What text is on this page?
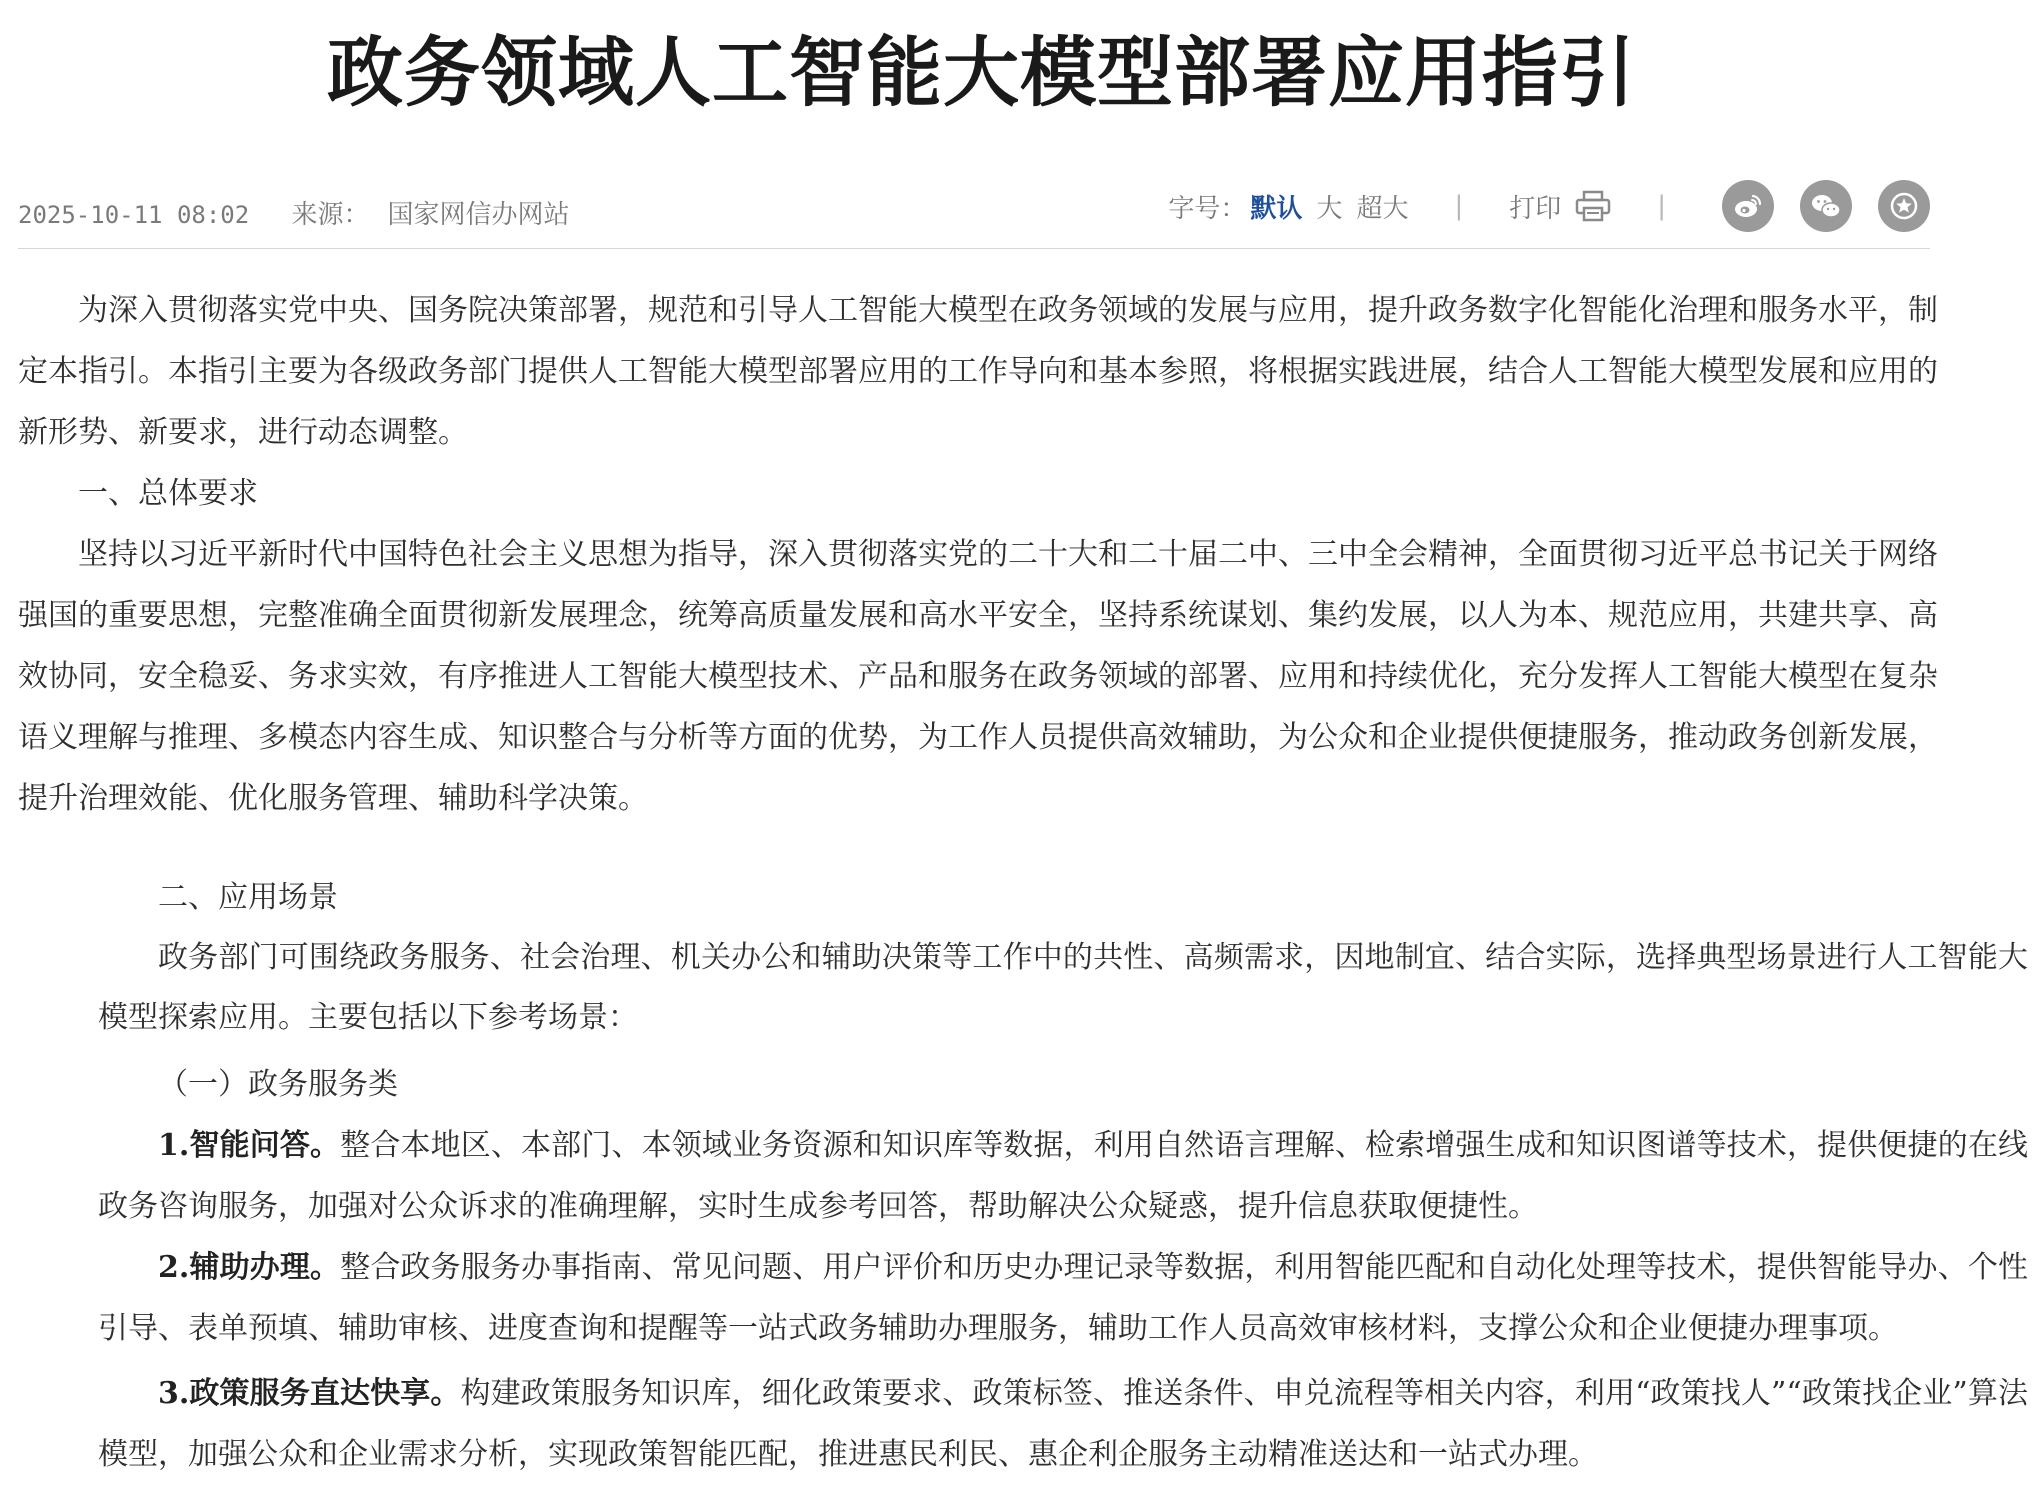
政务领域人工智能大模型部署应用指引
2025-10-11 08:02 来源： 国家网信办网站	字号： 默认 大 超大 | 打印	|

为深入贯彻落实党中央、国务院决策部署，规范和引导人工智能大模型在政务领域的发展与应用，提升政务数字化智能化治理和服务水平，制定本指引。本指引主要为各级政务部门提供人工智能大模型部署应用的工作导向和基本参照，将根据实践进展，结合人工智能大模型发展和应用的新形势、新要求，进行动态调整。

一、总体要求

坚持以习近平新时代中国特色社会主义思想为指导，深入贯彻落实党的二十大和二十届二中、三中全会精神，全面贯彻习近平总书记关于网络强国的重要思想，完整准确全面贯彻新发展理念，统筹高质量发展和高水平安全，坚持系统谋划、集约发展，以人为本、规范应用，共建共享、高效协同，安全稳妥、务求实效，有序推进人工智能大模型技术、产品和服务在政务领域的部署、应用和持续优化，充分发挥人工智能大模型在复杂语义理解与推理、多模态内容生成、知识整合与分析等方面的优势，为工作人员提供高效辅助，为公众和企业提供便捷服务，推动政务创新发展，提升治理效能、优化服务管理、辅助科学决策。

二、应用场景

政务部门可围绕政务服务、社会治理、机关办公和辅助决策等工作中的共性、高频需求，因地制宜、结合实际，选择典型场景进行人工智能大模型探索应用。主要包括以下参考场景：

（一）政务服务类

1.智能问答。整合本地区、本部门、本领域业务资源和知识库等数据，利用自然语言理解、检索增强生成和知识图谱等技术，提供便捷的在线政务咨询服务，加强对公众诉求的准确理解，实时生成参考回答，帮助解决公众疑惑，提升信息获取便捷性。

2.辅助办理。整合政务服务办事指南、常见问题、用户评价和历史办理记录等数据，利用智能匹配和自动化处理等技术，提供智能导办、个性引导、表单预填、辅助审核、进度查询和提醒等一站式政务辅助办理服务，辅助工作人员高效审核材料，支撑公众和企业便捷办理事项。

3.政策服务直达快享。构建政策服务知识库，细化政策要求、政策标签、推送条件、申兑流程等相关内容，利用“政策找人”“政策找企业”算法模型，加强公众和企业需求分析，实现政策智能匹配，推进惠民利民、惠企利企服务主动精准送达和一站式办理。
